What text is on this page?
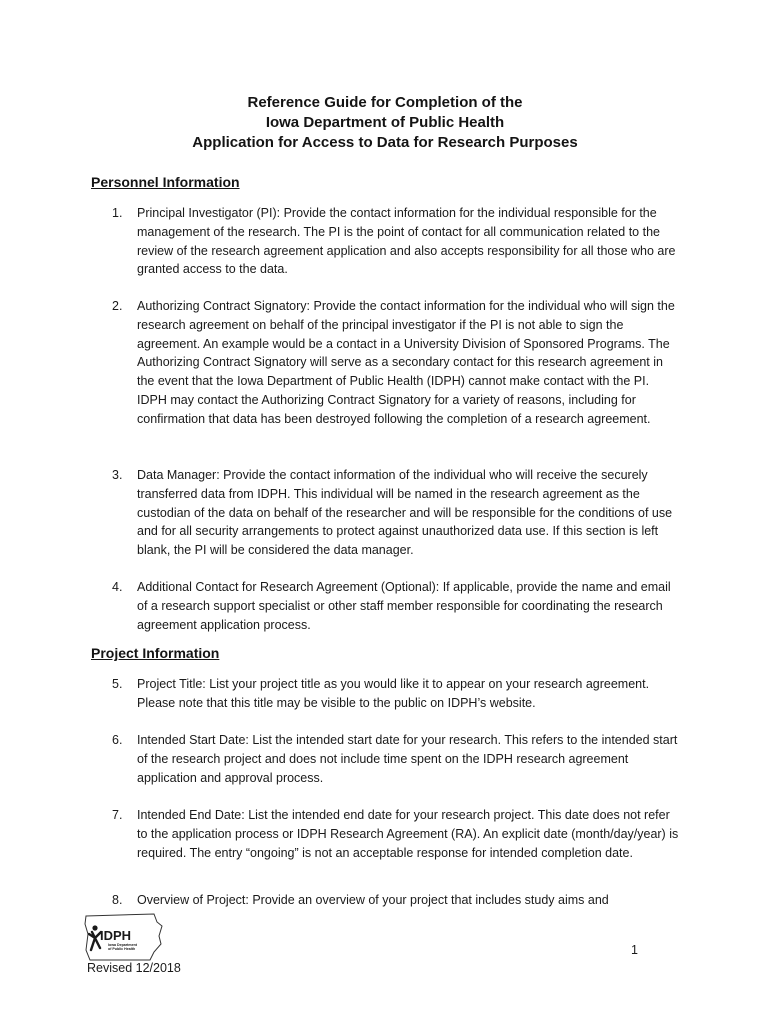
Reference Guide for Completion of the
Iowa Department of Public Health
Application for Access to Data for Research Purposes
Personnel Information
1.	Principal Investigator (PI): Provide the contact information for the individual responsible for the management of the research. The PI is the point of contact for all communication related to the review of the research agreement application and also accepts responsibility for all those who are granted access to the data.
2.	Authorizing Contract Signatory: Provide the contact information for the individual who will sign the research agreement on behalf of the principal investigator if the PI is not able to sign the agreement. An example would be a contact in a University Division of Sponsored Programs. The Authorizing Contract Signatory will serve as a secondary contact for this research agreement in the event that the Iowa Department of Public Health (IDPH) cannot make contact with the PI. IDPH may contact the Authorizing Contract Signatory for a variety of reasons, including for confirmation that data has been destroyed following the completion of a research agreement.
3.	Data Manager: Provide the contact information of the individual who will receive the securely transferred data from IDPH. This individual will be named in the research agreement as the custodian of the data on behalf of the researcher and will be responsible for the conditions of use and for all security arrangements to protect against unauthorized data use. If this section is left blank, the PI will be considered the data manager.
4.	Additional Contact for Research Agreement (Optional): If applicable, provide the name and email of a research support specialist or other staff member responsible for coordinating the research agreement application process.
Project Information
5.	Project Title: List your project title as you would like it to appear on your research agreement. Please note that this title may be visible to the public on IDPH’s website.
6.	Intended Start Date: List the intended start date for your research. This refers to the intended start of the research project and does not include time spent on the IDPH research agreement application and approval process.
7.	Intended End Date: List the intended end date for your research project. This date does not refer to the application process or IDPH Research Agreement (RA). An explicit date (month/day/year) is required. The entry “ongoing” is not an acceptable response for intended completion date.
8.	Overview of Project: Provide an overview of your project that includes study aims and
IDPH
Iowa Department
of Public Health	1
Revised 12/2018
